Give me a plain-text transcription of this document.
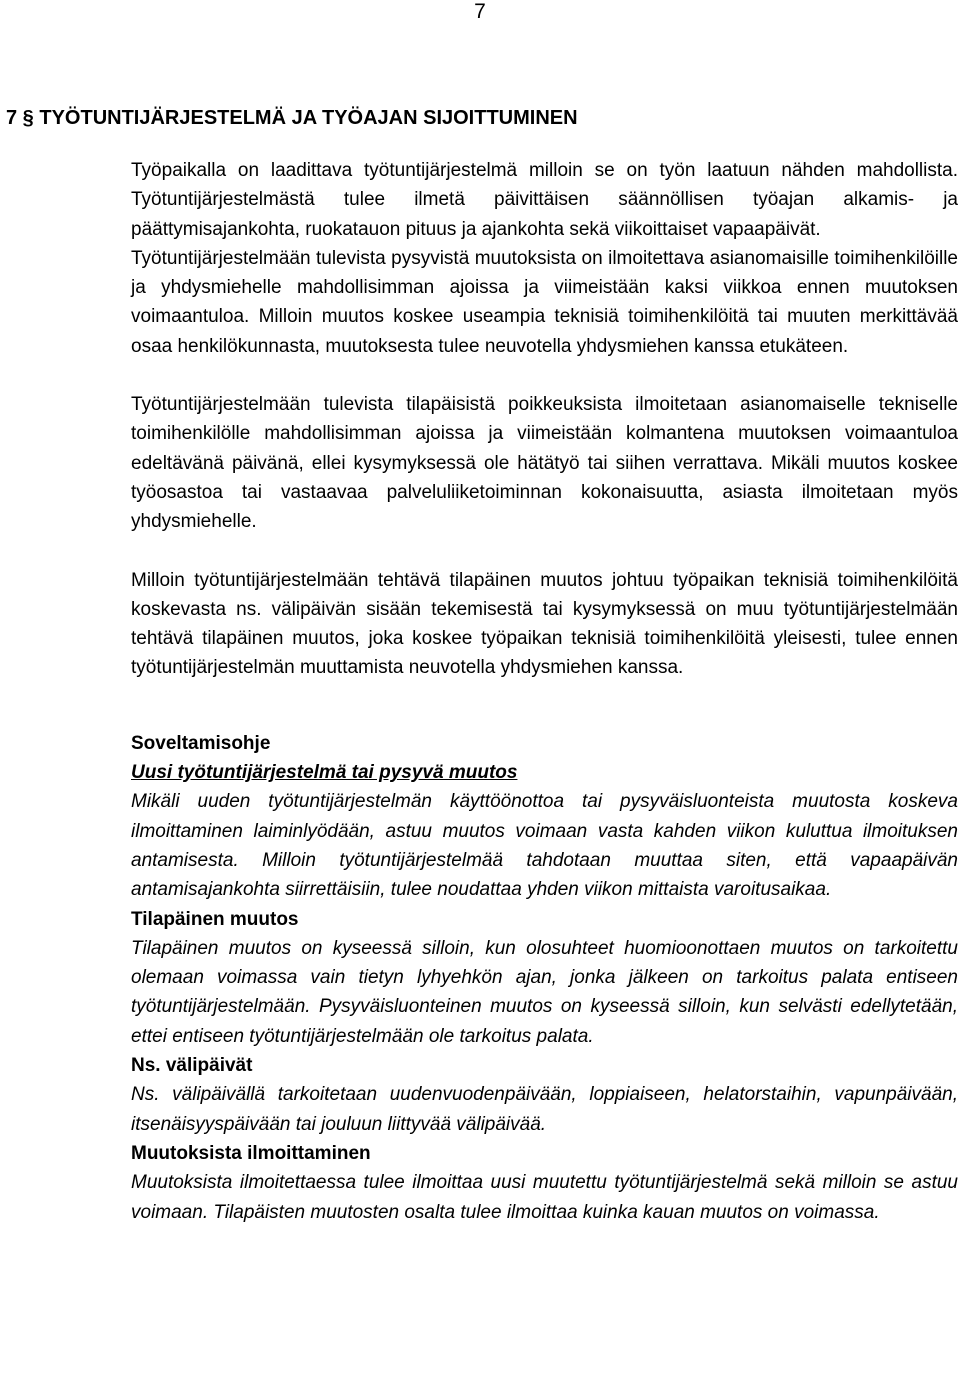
7
7 § TYÖTUNTIJÄRJESTELMÄ JA TYÖAJAN SIJOITTUMINEN

Työpaikalla on laadittava työtuntijärjestelmä milloin se on työn laatuun nähden mahdollista. Työtuntijärjestelmästä tulee ilmetä päivittäisen säännöllisen työajan alkamis- ja päättymisajankohta, ruokatauon pituus ja ajankohta sekä viikoittaiset vapaapäivät.

Työtuntijärjestelmään tulevista pysyvistä muutoksista on ilmoitettava asianomaisille toimihenkilöille ja yhdysmiehelle mahdollisimman ajoissa ja viimeistään kaksi viikkoa ennen muutoksen voimaantuloa. Milloin muutos koskee useampia teknisiä toimihenkilöitä tai muuten merkittävää osaa henkilökunnasta, muutoksesta tulee neuvotella yhdysmiehen kanssa etukäteen.

Työtuntijärjestelmään tulevista tilapäisistä poikkeuksista ilmoitetaan asianomaiselle tekniselle toimihenkilölle mahdollisimman ajoissa ja viimeistään kolmantena muutoksen voimaantuloa edeltävänä päivänä, ellei kysymyksessä ole hätätyö tai siihen verrattava. Mikäli muutos koskee työosastoa tai vastaavaa palveluliiketoiminnan kokonaisuutta, asiasta ilmoitetaan myös yhdysmiehelle.

Milloin työtuntijärjestelmään tehtävä tilapäinen muutos johtuu työpaikan teknisiä toimihenkilöitä koskevasta ns. välipäivän sisään tekemisestä tai kysymyksessä on muu työtuntijärjestelmään tehtävä tilapäinen muutos, joka koskee työpaikan teknisiä toimihenkilöitä yleisesti, tulee ennen työtuntijärjestelmän muuttamista neuvotella yhdysmiehen kanssa.

Soveltamisohje
Uusi työtuntijärjestelmä tai pysyvä muutos

Mikäli uuden työtuntijärjestelmän käyttöönottoa tai pysyväisluonteista muutosta koskeva ilmoittaminen laiminlyödään, astuu muutos voimaan vasta kahden viikon kuluttua ilmoituksen antamisesta. Milloin työtuntijärjestelmää tahdotaan muuttaa siten, että vapaapäivän antamisajankohta siirrettäisiin, tulee noudattaa yhden viikon mittaista varoitusaikaa.

Tilapäinen muutos

Tilapäinen muutos on kyseessä silloin, kun olosuhteet huomioonottaen muutos on tarkoitettu olemaan voimassa vain tietyn lyhyehkön ajan, jonka jälkeen on tarkoitus palata entiseen työtuntijärjestelmään. Pysyväisluonteinen muutos on kyseessä silloin, kun selvästi edellytetään, ettei entiseen työtuntijärjestelmään ole tarkoitus palata.

Ns. välipäivät

Ns. välipäivällä tarkoitetaan uudenvuodenpäivään, loppiaiseen, helatorstaihin, vapunpäivään, itsenäisyyspäivään tai jouluun liittyvää välipäivää.

Muutoksista ilmoittaminen

Muutoksista ilmoitettaessa tulee ilmoittaa uusi muutettu työtuntijärjestelmä sekä milloin se astuu voimaan. Tilapäisten muutosten osalta tulee ilmoittaa kuinka kauan muutos on voimassa.
